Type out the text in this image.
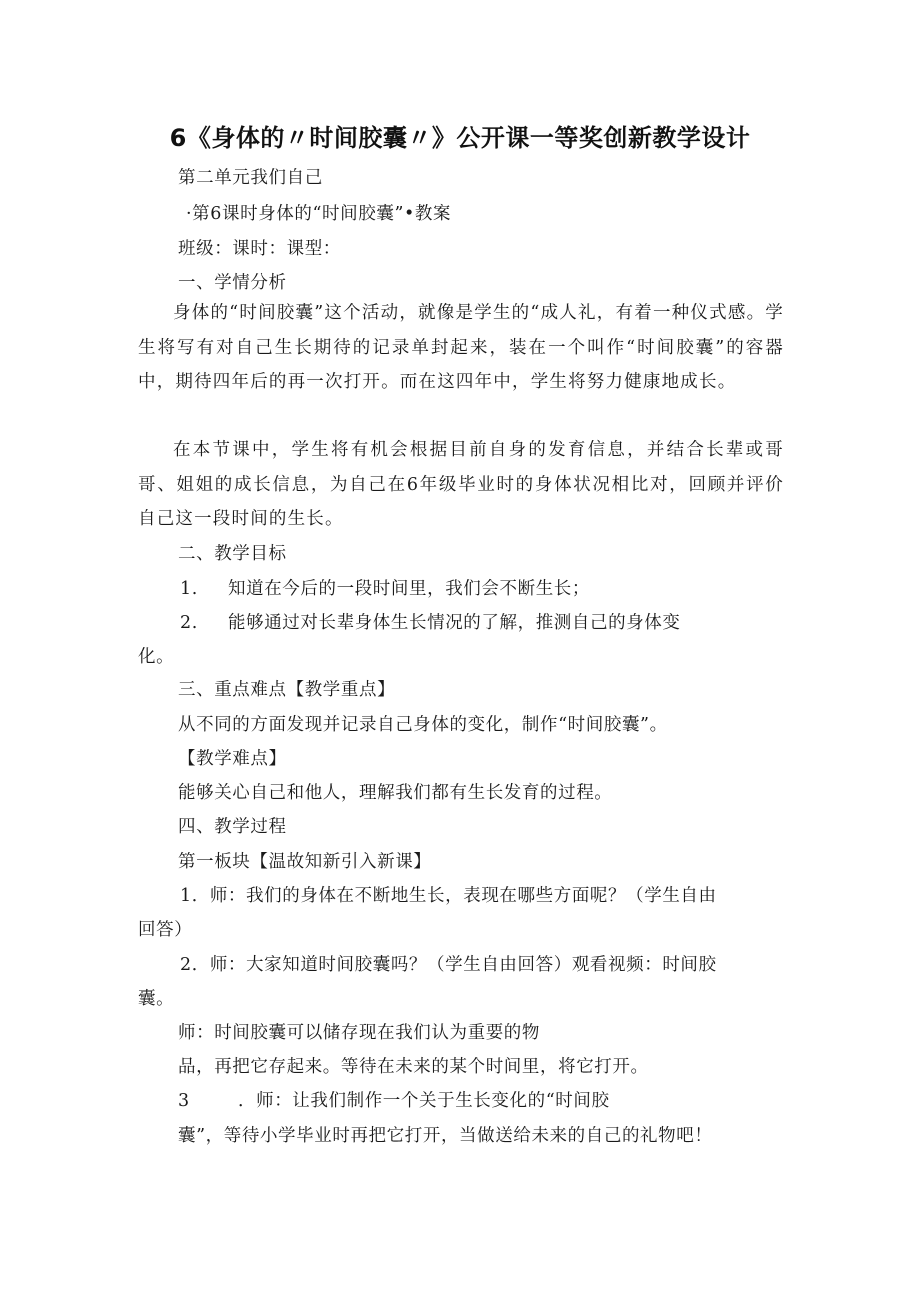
6《身体的〃时间胶囊〃》公开课一等奖创新教学设计
第二单元我们自己
·第6课时身体的“时间胶囊”•教案
班级：课时：课型：
一、学情分析
身体的“时间胶囊”这个活动，就像是学生的“成人礼，有着一种仪式感。学生将写有对自己生长期待的记录单封起来，装在一个叫作“时间胶囊”的容器中，期待四年后的再一次打开。而在这四年中，学生将努力健康地成长。
在本节课中，学生将有机会根据目前自身的发育信息，并结合长辈或哥哥、姐姐的成长信息，为自己在6年级毕业时的身体状况相比对，回顾并评价自己这一段时间的生长。
二、教学目标
1. 知道在今后的一段时间里，我们会不断生长；
2. 能够通过对长辈身体生长情况的了解，推测自己的身体变
化。
三、重点难点【教学重点】
从不同的方面发现并记录自己身体的变化，制作“时间胶囊”。
【教学难点】
能够关心自己和他人，理解我们都有生长发育的过程。
四、教学过程
第一板块【温故知新引入新课】
1．师：我们的身体在不断地生长，表现在哪些方面呢？（学生自由
回答）
2．师：大家知道时间胶囊吗？（学生自由回答）观看视频：时间胶
囊。
师：时间胶囊可以储存现在我们认为重要的物
品，再把它存起来。等待在未来的某个时间里，将它打开。
3	．师：让我们制作一个关于生长变化的“时间胶
囊”，等待小学毕业时再把它打开，当做送给未来的自己的礼物吧！
